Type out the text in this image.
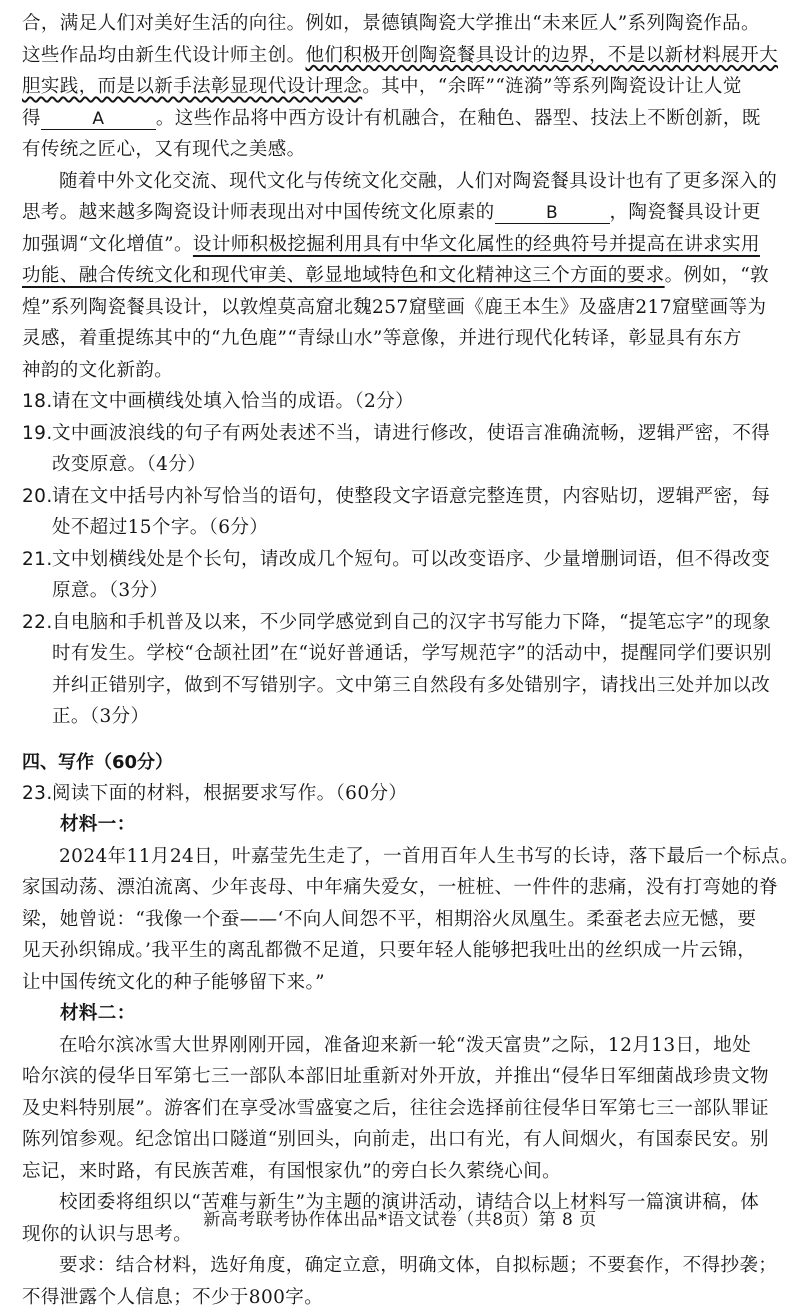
合，满足人们对美好生活的向往。例如，景德镇陶瓷大学推出“未来匠人”系列陶瓷作品。

这些作品均由新生代设计师主创。他们积极开创陶瓷餐具设计的边界，不是以新材料展开大

胆实践，而是以新手法彰显现代设计理念。其中，“余晖”“涟漪”等系列陶瓷设计让人觉

得	A	。这些作品将中西方设计有机融合，在釉色、器型、技法上不断创新，既

有传统之匠心，又有现代之美感。

随着中外文化交流、现代文化与传统文化交融，人们对陶瓷餐具设计也有了更多深入的

思考。越来越多陶瓷设计师表现出对中国传统文化原素的	B	，陶瓷餐具设计更

加强调“文化增值”。设计师积极挖掘利用具有中华文化属性的经典符号并提高在讲求实用

功能、融合传统文化和现代审美、彰显地域特色和文化精神这三个方面的要求。例如，“敦

煌”系列陶瓷餐具设计，以敦煌莫高窟北魏257窟壁画《鹿王本生》及盛唐217窟壁画等为

灵感，着重提练其中的“九色鹿”“青绿山水”等意像，并进行现代化转译，彰显具有东方

神韵的文化新韵。

18.请在文中画横线处填入恰当的成语。（2分）
19.文中画波浪线的句子有两处表述不当，请进行修改，使语言准确流畅，逻辑严密，不得改变原意。（4分）
20.请在文中括号内补写恰当的语句，使整段文字语意完整连贯，内容贴切，逻辑严密，每处不超过15个字。（6分）
21.文中划横线处是个长句，请改成几个短句。可以改变语序、少量增删词语，但不得改变原意。（3分）
22.自电脑和手机普及以来，不少同学感觉到自己的汉字书写能力下降，“提笔忘字”的现象时有发生。学校“仓颉社团”在“说好普通话，学写规范字”的活动中，提醒同学们要识别并纠正错别字，做到不写错别字。文中第三自然段有多处错别字，请找出三处并加以改正。（3分）
四、写作（60分）
23.阅读下面的材料，根据要求写作。（60分）

材料一：

2024年11月24日，叶嘉莹先生走了，一首用百年人生书写的长诗，落下最后一个标点。

家国动荡、漂泊流离、少年丧母、中年痛失爱女，一桩桩、一件件的悲痛，没有打弯她的脊

梁，她曾说：“我像一个蚕——‘不向人间怨不平，相期浴火凤凰生。柔蚕老去应无憾，要

见天孙织锦成。’我平生的离乱都微不足道，只要年轻人能够把我吐出的丝织成一片云锦，

让中国传统文化的种子能够留下来。”

材料二：

在哈尔滨冰雪大世界刚刚开园，准备迎来新一轮“泼天富贵”之际，12月13日，地处

哈尔滨的侵华日军第七三一部队本部旧址重新对外开放，并推出“侵华日军细菌战珍贵文物

及史料特别展”。游客们在享受冰雪盛宴之后，往往会选择前往侵华日军第七三一部队罪证

陈列馆参观。纪念馆出口隧道“别回头，向前走，出口有光，有人间烟火，有国泰民安。别

忘记，来时路，有民族苦难，有国恨家仇”的旁白长久萦绕心间。

校团委将组织以“苦难与新生”为主题的演讲活动，请结合以上材料写一篇演讲稿，体

现你的认识与思考。

要求：结合材料，选好角度，确定立意，明确文体，自拟标题；不要套作，不得抄袭；

不得泄露个人信息；不少于800字。

新高考联考协作体出品*语文试卷（共8页）第 8 页
